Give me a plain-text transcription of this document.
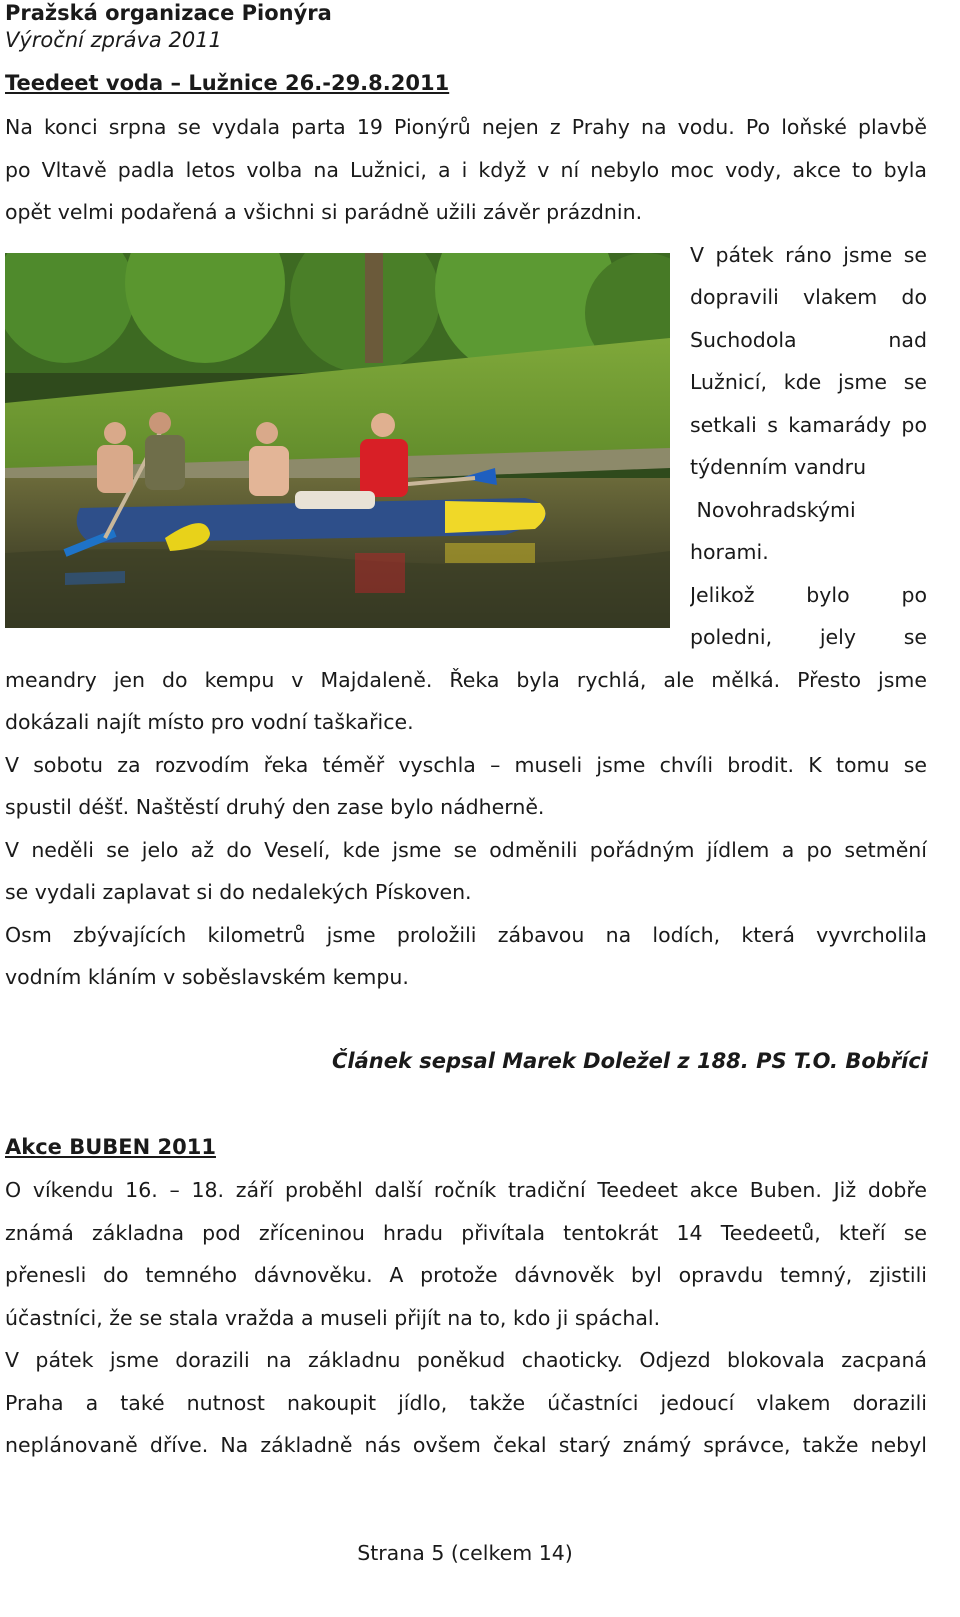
Pražská organizace Pionýra
Výroční zpráva 2011
Teedeet voda – Lužnice 26.-29.8.2011
Na konci srpna se vydala parta 19 Pionýrů nejen z Prahy na vodu. Po loňské plavbě
po Vltavě padla letos volba na Lužnici, a i když v ní nebylo moc vody, akce to byla
opět velmi podařená a všichni si parádně užili závěr prázdnin.
V pátek ráno jsme se
dopravili vlakem do
Suchodola nad
Lužnicí, kde jsme se
setkali s kamarády po
týdenním vandru
Novohradskými
horami.
Jelikož bylo po
poledni, jely se
meandry jen do kempu v Majdaleně. Řeka byla rychlá, ale mělká. Přesto jsme
dokázali najít místo pro vodní taškařice.
V sobotu za rozvodím řeka téměř vyschla – museli jsme chvíli brodit. K tomu se
spustil déšť. Naštěstí druhý den zase bylo nádherně.
V neděli se jelo až do Veselí, kde jsme se odměnili pořádným jídlem a po setmění
se vydali zaplavat si do nedalekých Pískoven.
Osm zbývajících kilometrů jsme proložili zábavou na lodích, která vyvrcholila
vodním kláním v soběslavském kempu.
Článek sepsal Marek Doležel z 188. PS T.O. Bobříci
Akce BUBEN 2011
O víkendu 16. – 18. září proběhl další ročník tradiční Teedeet akce Buben. Již dobře
známá základna pod zříceninou hradu přivítala tentokrát 14 Teedeetů, kteří se
přenesli do temného dávnověku. A protože dávnověk byl opravdu temný, zjistili
účastníci, že se stala vražda a museli přijít na to, kdo ji spáchal.
V pátek jsme dorazili na základnu poněkud chaoticky. Odjezd blokovala zacpaná
Praha a také nutnost nakoupit jídlo, takže účastníci jedoucí vlakem dorazili
neplánovaně dříve. Na základně nás ovšem čekal starý známý správce, takže nebyl
Strana 5 (celkem 14)
